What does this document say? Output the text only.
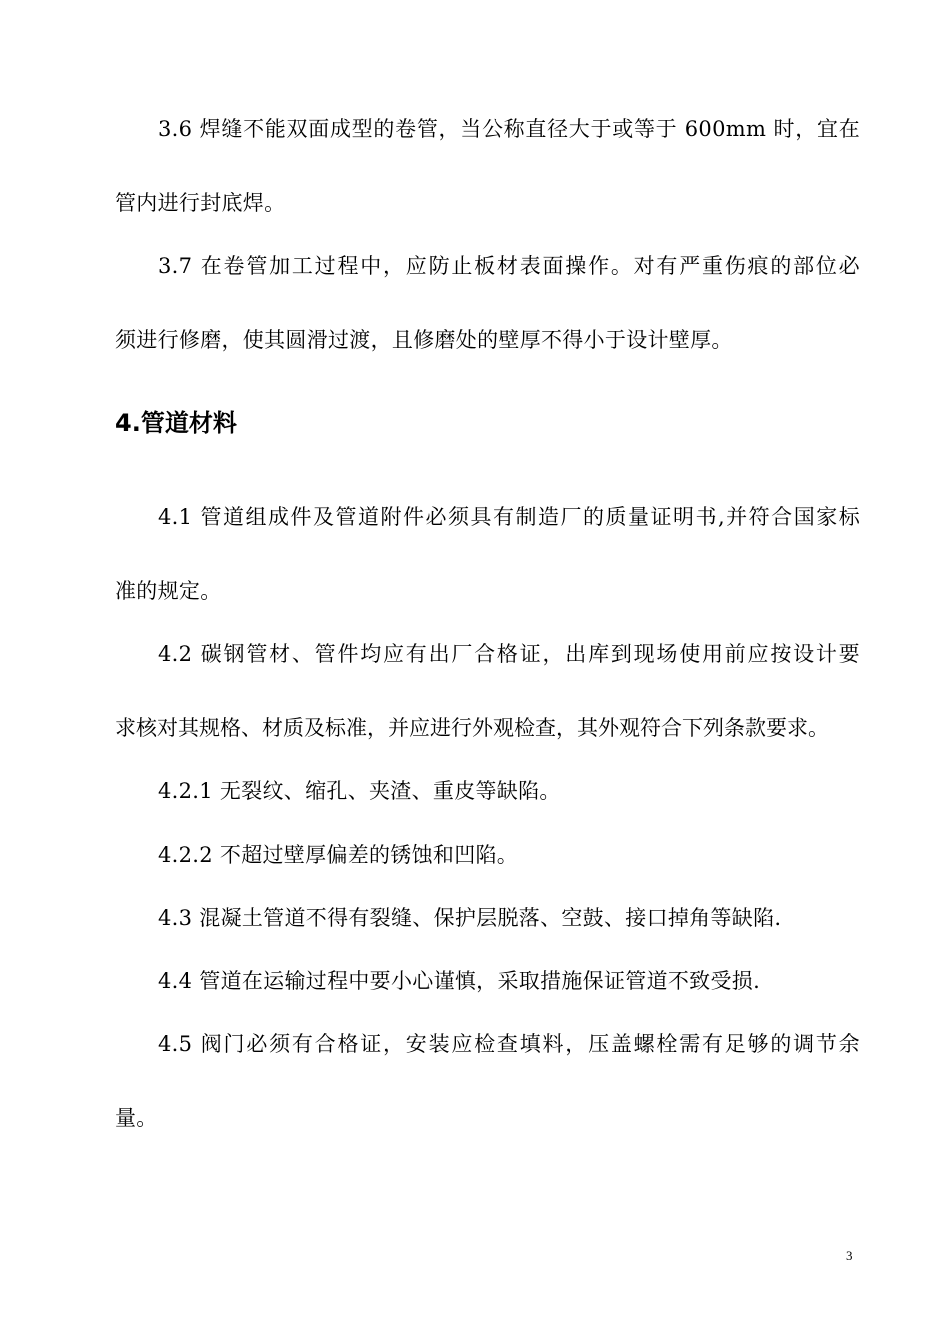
3.6 焊缝不能双面成型的卷管，当公称直径大于或等于 600mm 时，宜在
管内进行封底焊。
3.7 在卷管加工过程中，应防止板材表面操作。对有严重伤痕的部位必
须进行修磨，使其圆滑过渡，且修磨处的壁厚不得小于设计壁厚。
4.管道材料
4.1 管道组成件及管道附件必须具有制造厂的质量证明书,并符合国家标
准的规定。
4.2 碳钢管材、管件均应有出厂合格证，出库到现场使用前应按设计要
求核对其规格、材质及标准，并应进行外观检查，其外观符合下列条款要求。
4.2.1 无裂纹、缩孔、夹渣、重皮等缺陷。
4.2.2 不超过壁厚偏差的锈蚀和凹陷。
4.3 混凝土管道不得有裂缝、保护层脱落、空鼓、接口掉角等缺陷.
4.4 管道在运输过程中要小心谨慎，采取措施保证管道不致受损.
4.5 阀门必须有合格证，安装应检查填料，压盖螺栓需有足够的调节余
量。
3
